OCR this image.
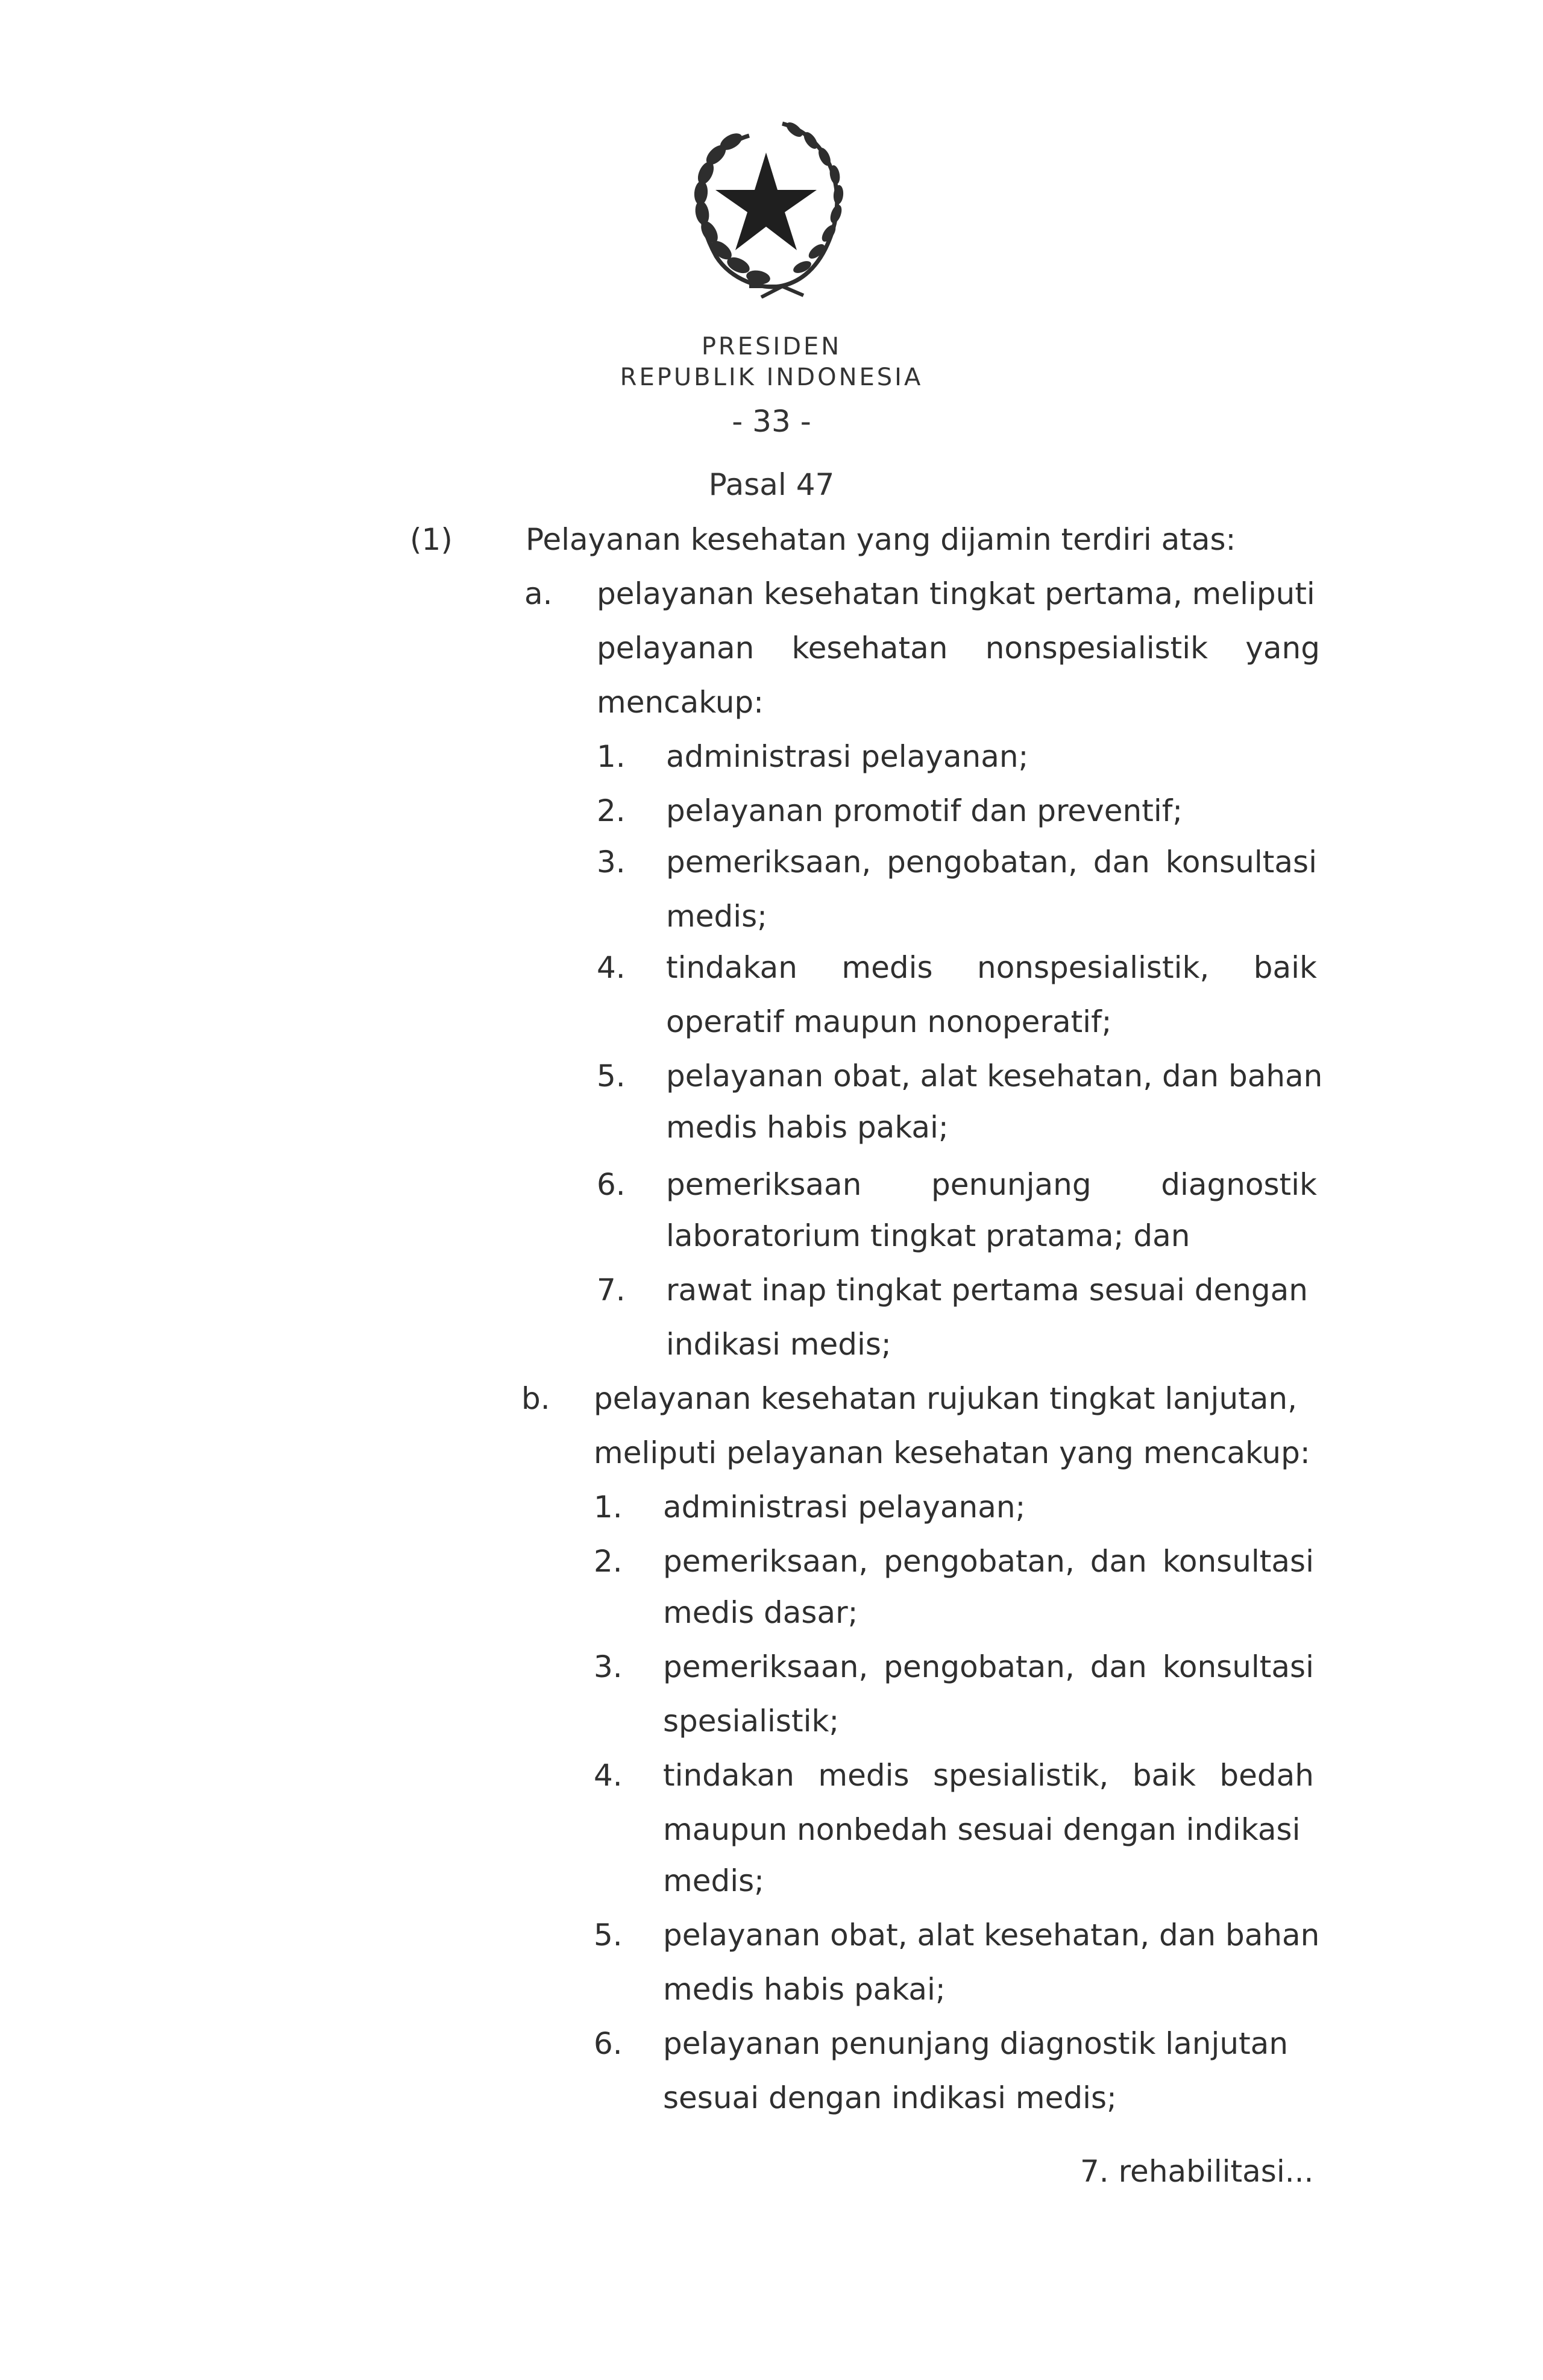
PRESIDEN
REPUBLIK INDONESIA
- 33 -
Pasal 47
(1) Pelayanan kesehatan yang dijamin terdiri atas:
a. pelayanan kesehatan tingkat pertama, meliputi
pelayanan kesehatan nonspesialistik yang
mencakup:
1. administrasi pelayanan;
2. pelayanan promotif dan preventif;
3. pemeriksaan, pengobatan, dan konsultasi
medis;
4. tindakan medis nonspesialistik, baik
operatif maupun nonoperatif;
5. pelayanan obat, alat kesehatan, dan bahan
medis habis pakai;
6. pemeriksaan penunjang diagnostik
laboratorium tingkat pratama; dan
7. rawat inap tingkat pertama sesuai dengan
indikasi medis;
b. pelayanan kesehatan rujukan tingkat lanjutan,
meliputi pelayanan kesehatan yang mencakup:
1. administrasi pelayanan;
2. pemeriksaan, pengobatan, dan konsultasi
medis dasar;
3. pemeriksaan, pengobatan, dan konsultasi
spesialistik;
4. tindakan medis spesialistik, baik bedah
maupun nonbedah sesuai dengan indikasi
medis;
5. pelayanan obat, alat kesehatan, dan bahan
medis habis pakai;
6. pelayanan penunjang diagnostik lanjutan
sesuai dengan indikasi medis;
7. rehabilitasi...
